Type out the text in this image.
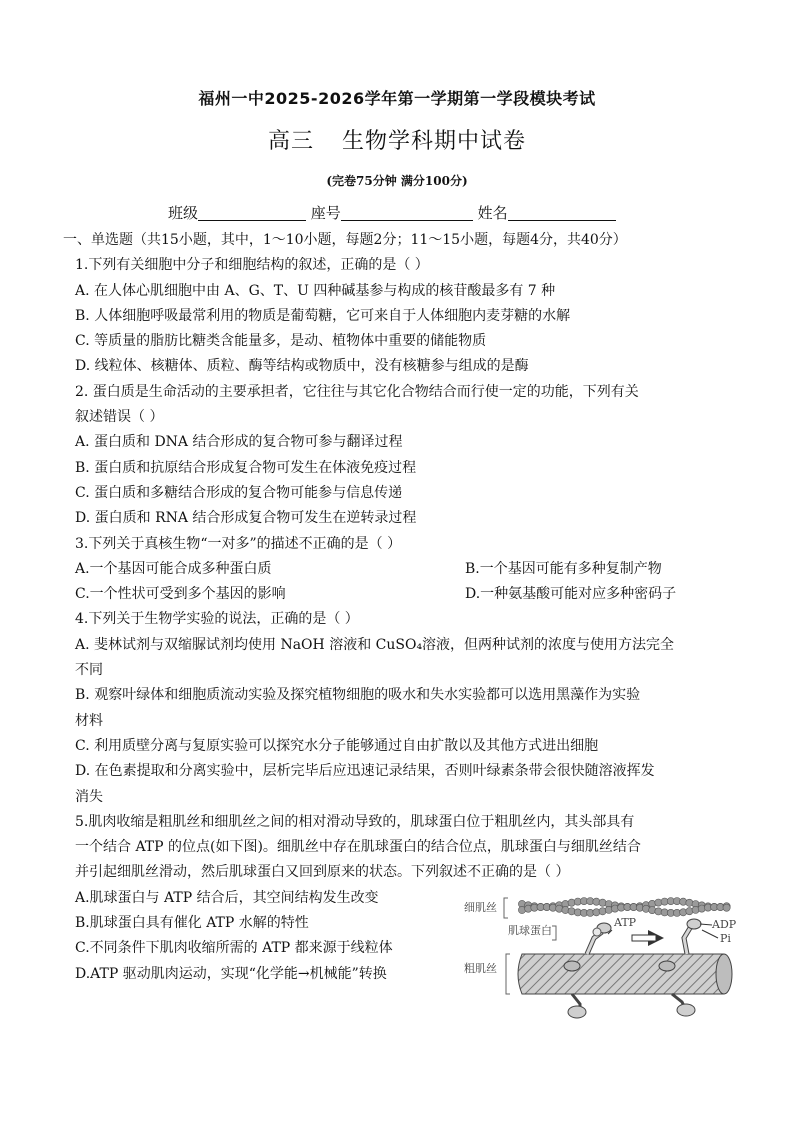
福州一中2025-2026学年第一学期第一学段模块考试
高三 生物学科期中试卷
(完卷75分钟 满分100分)
班级	座号	姓名
一、单选题（共15小题，其中，1～10小题，每题2分；11～15小题，每题4分，共40分）
1.下列有关细胞中分子和细胞结构的叙述，正确的是（ ）
A. 在人体心肌细胞中由 A、G、T、U 四种碱基参与构成的核苷酸最多有 7 种
B. 人体细胞呼吸最常利用的物质是葡萄糖，它可来自于人体细胞内麦芽糖的水解
C. 等质量的脂肪比糖类含能量多，是动、植物体中重要的储能物质
D. 线粒体、核糖体、质粒、酶等结构或物质中，没有核糖参与组成的是酶
2. 蛋白质是生命活动的主要承担者，它往往与其它化合物结合而行使一定的功能，下列有关
叙述错误（ ）
A. 蛋白质和 DNA 结合形成的复合物可参与翻译过程
B. 蛋白质和抗原结合形成复合物可发生在体液免疫过程
C. 蛋白质和多糖结合形成的复合物可能参与信息传递
D. 蛋白质和 RNA 结合形成复合物可发生在逆转录过程
3.下列关于真核生物“一对多”的描述不正确的是（ ）
A.一个基因可能合成多种蛋白质	B.一个基因可能有多种复制产物
C.一个性状可受到多个基因的影响	D.一种氨基酸可能对应多种密码子
4.下列关于生物学实验的说法，正确的是（ ）
A. 斐林试剂与双缩脲试剂均使用 NaOH 溶液和 CuSO₄溶液，但两种试剂的浓度与使用方法完全
不同
B. 观察叶绿体和细胞质流动实验及探究植物细胞的吸水和失水实验都可以选用黑藻作为实验
材料
C. 利用质壁分离与复原实验可以探究水分子能够通过自由扩散以及其他方式进出细胞
D. 在色素提取和分离实验中，层析完毕后应迅速记录结果，否则叶绿素条带会很快随溶液挥发
消失
5.肌肉收缩是粗肌丝和细肌丝之间的相对滑动导致的，肌球蛋白位于粗肌丝内，其头部具有
一个结合 ATP 的位点(如下图)。细肌丝中存在肌球蛋白的结合位点，肌球蛋白与细肌丝结合
并引起细肌丝滑动，然后肌球蛋白又回到原来的状态。下列叙述不正确的是（ ）
A.肌球蛋白与 ATP 结合后，其空间结构发生改变
B.肌球蛋白具有催化 ATP 水解的特性
C.不同条件下肌肉收缩所需的 ATP 都来源于线粒体
D.ATP 驱动肌肉运动，实现“化学能→机械能”转换
细肌丝
肌球蛋白
粗肌丝
ATP	ADP
Pi
